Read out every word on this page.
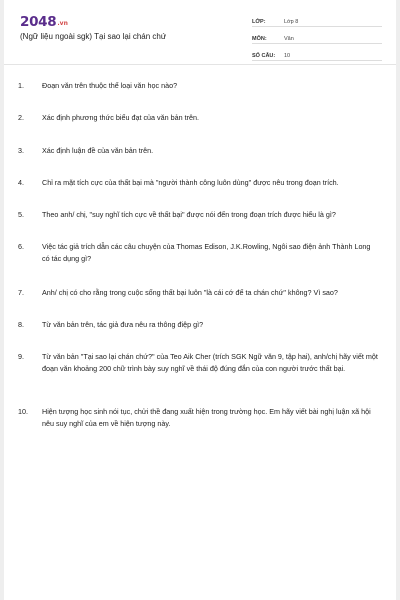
2048.vn
(Ngữ liệu ngoài sgk) Tại sao lại chán chứ
LỚP:	Lớp 8
MÔN:	Văn
SỐ CÂU:	10
1.	Đoạn văn trên thuộc thể loại văn học nào?
2.	Xác định phương thức biểu đạt của văn bản trên.
3.	Xác định luận đề của văn bản trên.
4.	Chỉ ra mặt tích cực của thất bại mà "người thành công luôn dùng" được nêu trong đoạn trích.
5.	Theo anh/ chị, "suy nghĩ tích cực về thất bại" được nói đến trong đoạn trích được hiểu là gì?
6.	Việc tác giả trích dẫn các câu chuyện của Thomas Edison, J.K.Rowling, Ngôi sao điện ảnh Thành Long có tác dụng gì?
7.	Anh/ chị có cho rằng trong cuộc sống thất bại luôn "là cái cớ để ta chán chứ" không? Vì sao?
8.	Từ văn bản trên, tác giả đưa nêu ra thông điệp gì?
9.	Từ văn bản "Tại sao lại chán chứ?" của Teo Aik Cher (trích SGK Ngữ văn 9, tập hai), anh/chị hãy viết một đoạn văn khoảng 200 chữ trình bày suy nghĩ về thái độ đúng đắn của con người trước thất bại.
10.	Hiện tượng học sinh nói tục, chửi thề đang xuất hiện trong trường học. Em hãy viết bài nghị luận xã hội nêu suy nghĩ của em về hiện tượng này.
